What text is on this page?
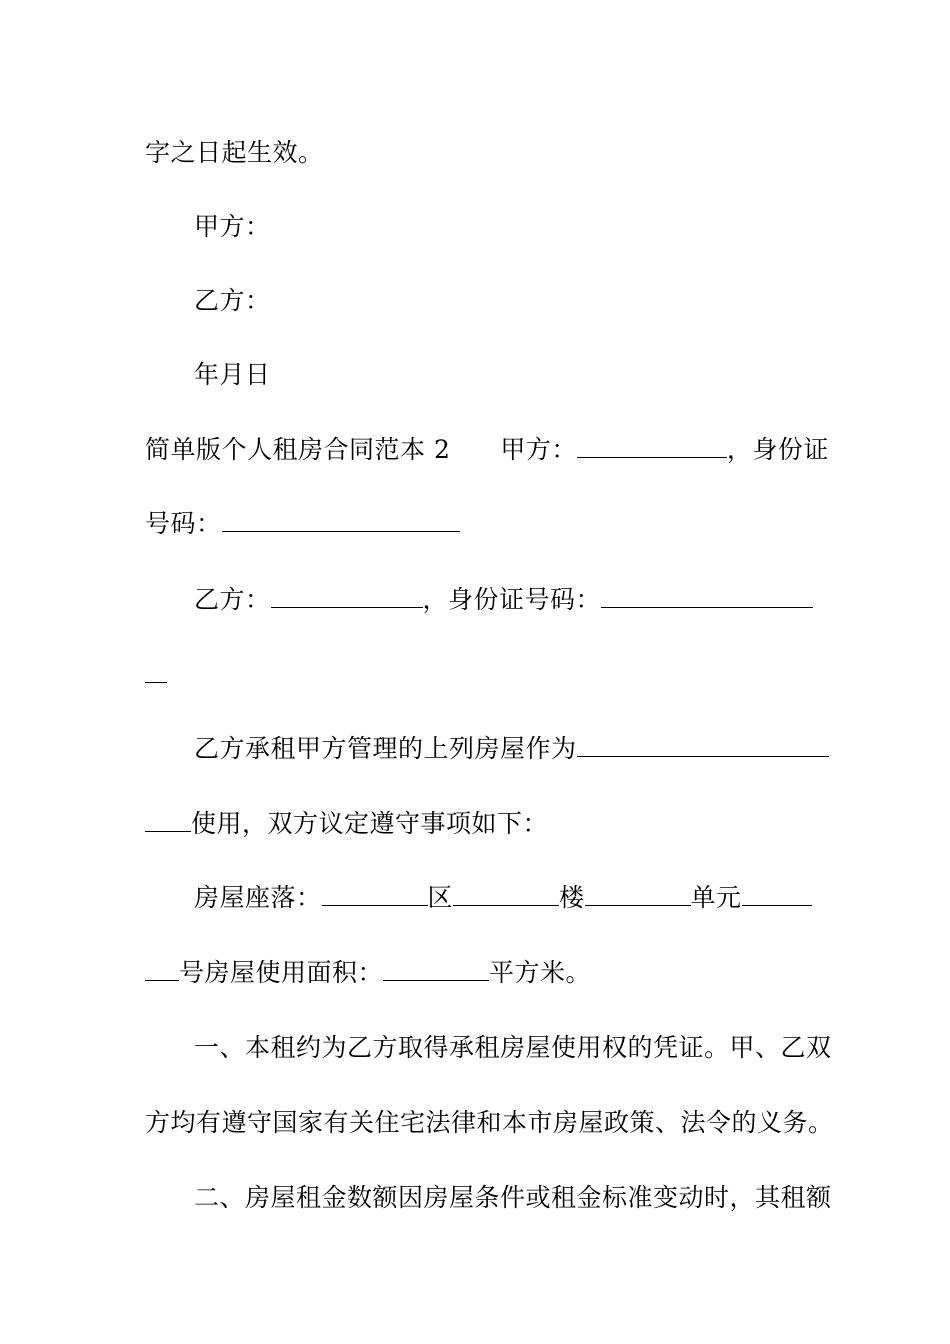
字之日起生效。
甲方：
乙方：
年月日
简单版个人租房合同范本 2 甲方：	，身份证
号码：
乙方：	，身份证号码：
乙方承租甲方管理的上列房屋作为
使用，双方议定遵守事项如下：
房屋座落：	区	楼	单元
号房屋使用面积：	平方米。
一、本租约为乙方取得承租房屋使用权的凭证。甲、乙双
方均有遵守国家有关住宅法律和本市房屋政策、法令的义务。
二、房屋租金数额因房屋条件或租金标准变动时，其租额
